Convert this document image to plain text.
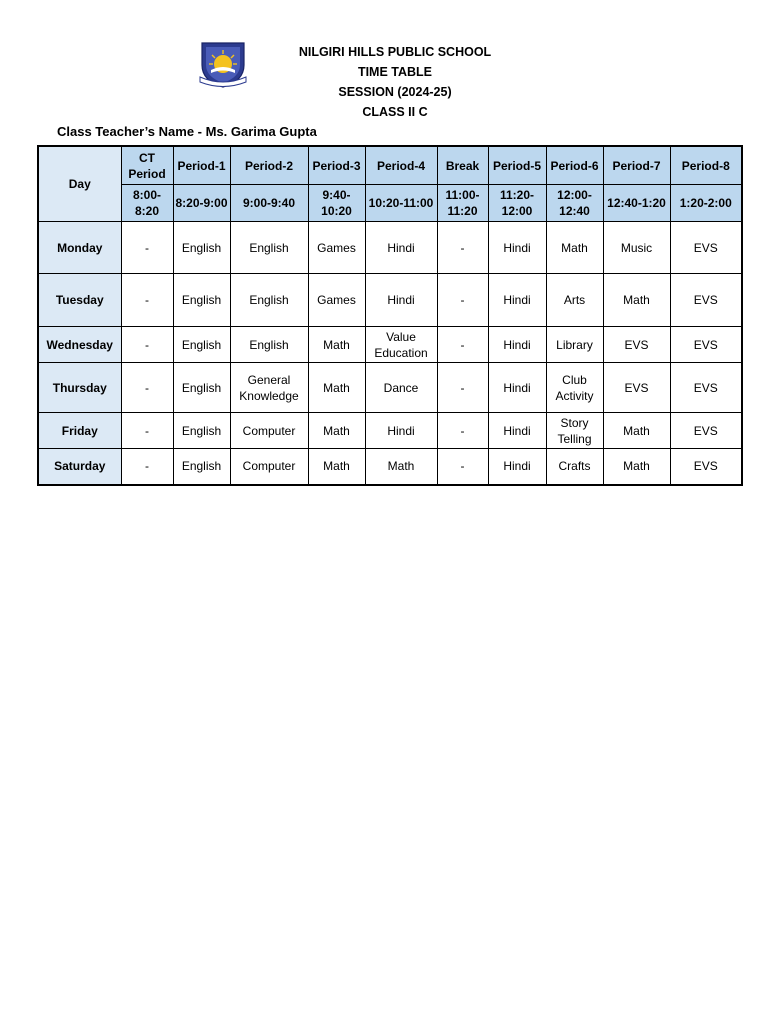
NILGIRI HILLS PUBLIC SCHOOL
TIME TABLE
SESSION (2024-25)
CLASS II C
Class Teacher’s Name - Ms. Garima Gupta
Day	CT Period	Period-1	Period-2	Period-3	Period-4	Break	Period-5	Period-6	Period-7	Period-8
	8:00-8:20	8:20-9:00	9:00-9:40	9:40-10:20	10:20-11:00	11:00-11:20	11:20-12:00	12:00-12:40	12:40-1:20	1:20-2:00
Monday	-	English	English	Games	Hindi	-	Hindi	Math	Music	EVS
Tuesday	-	English	English	Games	Hindi	-	Hindi	Arts	Math	EVS
Wednesday	-	English	English	Math	Value Education	-	Hindi	Library	EVS	EVS
Thursday	-	English	General Knowledge	Math	Dance	-	Hindi	Club Activity	EVS	EVS
Friday	-	English	Computer	Math	Hindi	-	Hindi	Story Telling	Math	EVS
Saturday	-	English	Computer	Math	Math	-	Hindi	Crafts	Math	EVS
